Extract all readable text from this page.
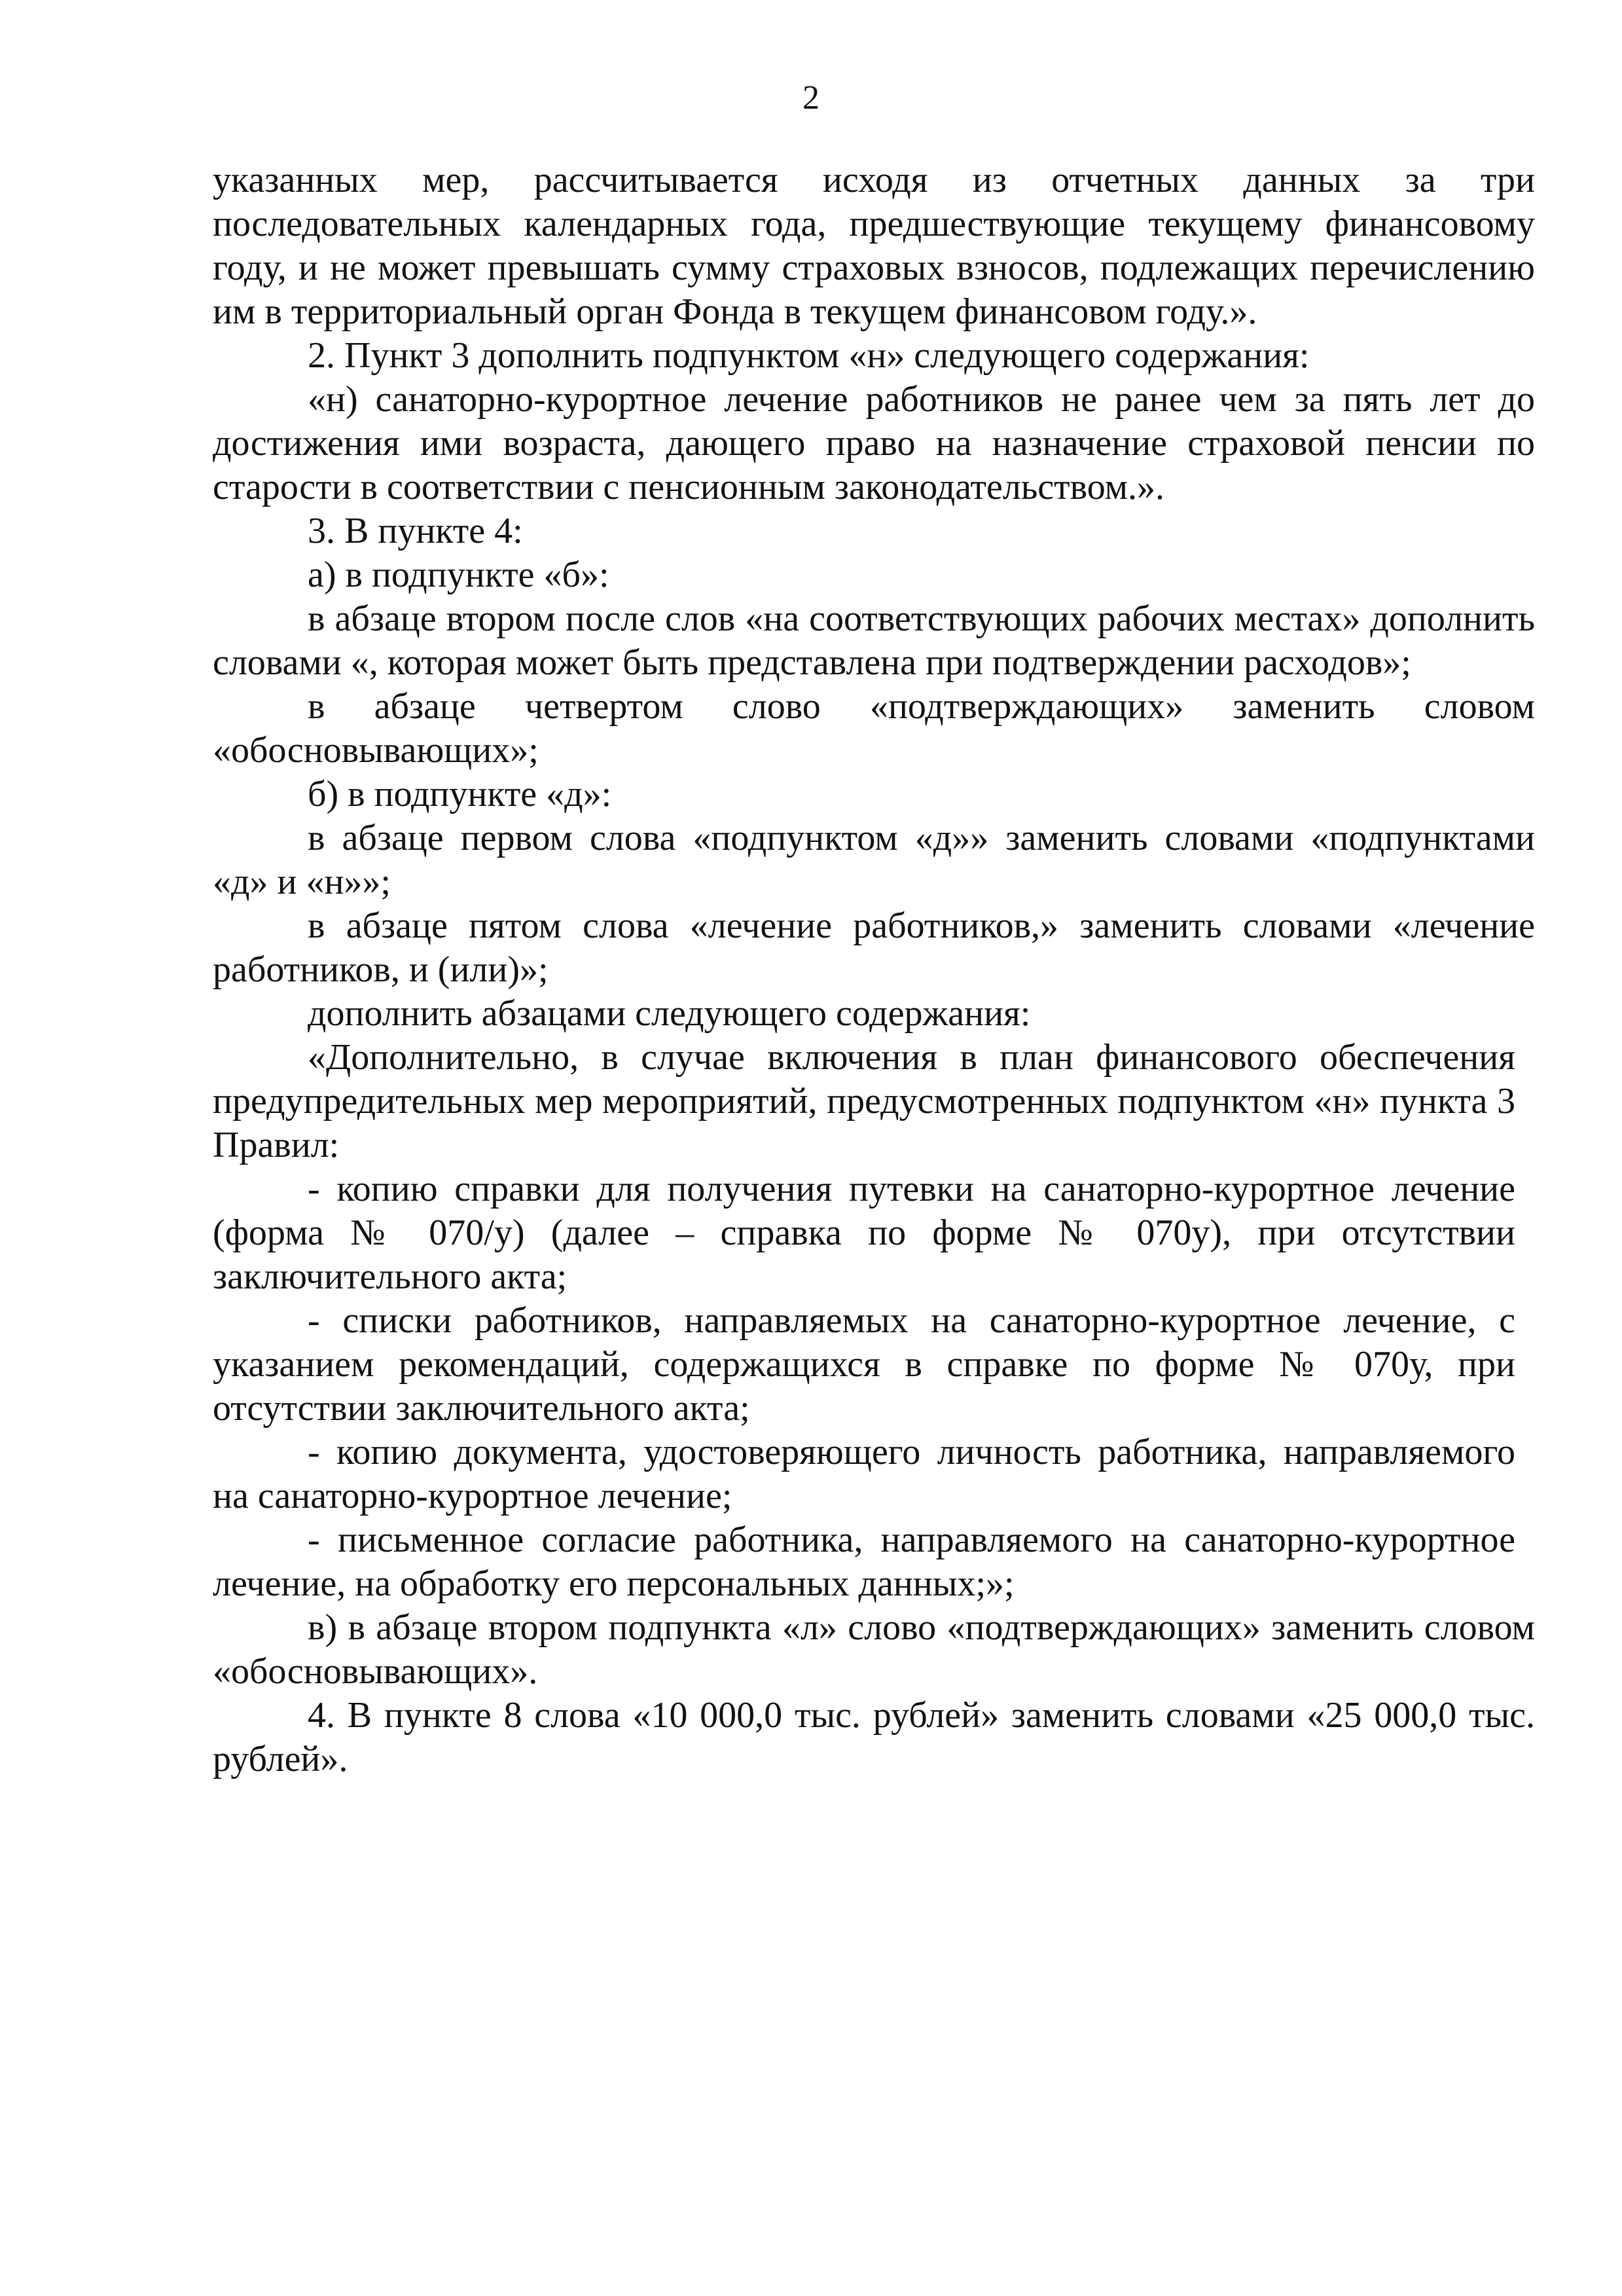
2

указанных мер, рассчитывается исходя из отчетных данных за три последовательных календарных года, предшествующие текущему финансовому году, и не может превышать сумму страховых взносов, подлежащих перечислению им в территориальный орган Фонда в текущем финансовом году.».

2. Пункт 3 дополнить подпунктом «н» следующего содержания:

«н) санаторно-курортное лечение работников не ранее чем за пять лет до достижения ими возраста, дающего право на назначение страховой пенсии по старости в соответствии с пенсионным законодательством.».

3. В пункте 4:

а) в подпункте «б»:

в абзаце втором после слов «на соответствующих рабочих местах» дополнить словами «, которая может быть представлена при подтверждении расходов»;

в абзаце четвертом слово «подтверждающих» заменить словом «обосновывающих»;

б) в подпункте «д»:

в абзаце первом слова «подпунктом «д»» заменить словами «подпунктами «д» и «н»»;

в абзаце пятом слова «лечение работников,» заменить словами «лечение работников, и (или)»;

дополнить абзацами следующего содержания:

«Дополнительно, в случае включения в план финансового обеспечения предупредительных мер мероприятий, предусмотренных подпунктом «н» пункта 3 Правил:

- копию справки для получения путевки на санаторно-курортное лечение (форма № 070/у) (далее – справка по форме № 070у), при отсутствии заключительного акта;

- списки работников, направляемых на санаторно-курортное лечение, с указанием рекомендаций, содержащихся в справке по форме № 070у, при отсутствии заключительного акта;

- копию документа, удостоверяющего личность работника, направляемого на санаторно-курортное лечение;

- письменное согласие работника, направляемого на санаторно-курортное лечение, на обработку его персональных данных;»;

в) в абзаце втором подпункта «л» слово «подтверждающих» заменить словом «обосновывающих».

4. В пункте 8 слова «10 000,0 тыс. рублей» заменить словами «25 000,0 тыс. рублей».
